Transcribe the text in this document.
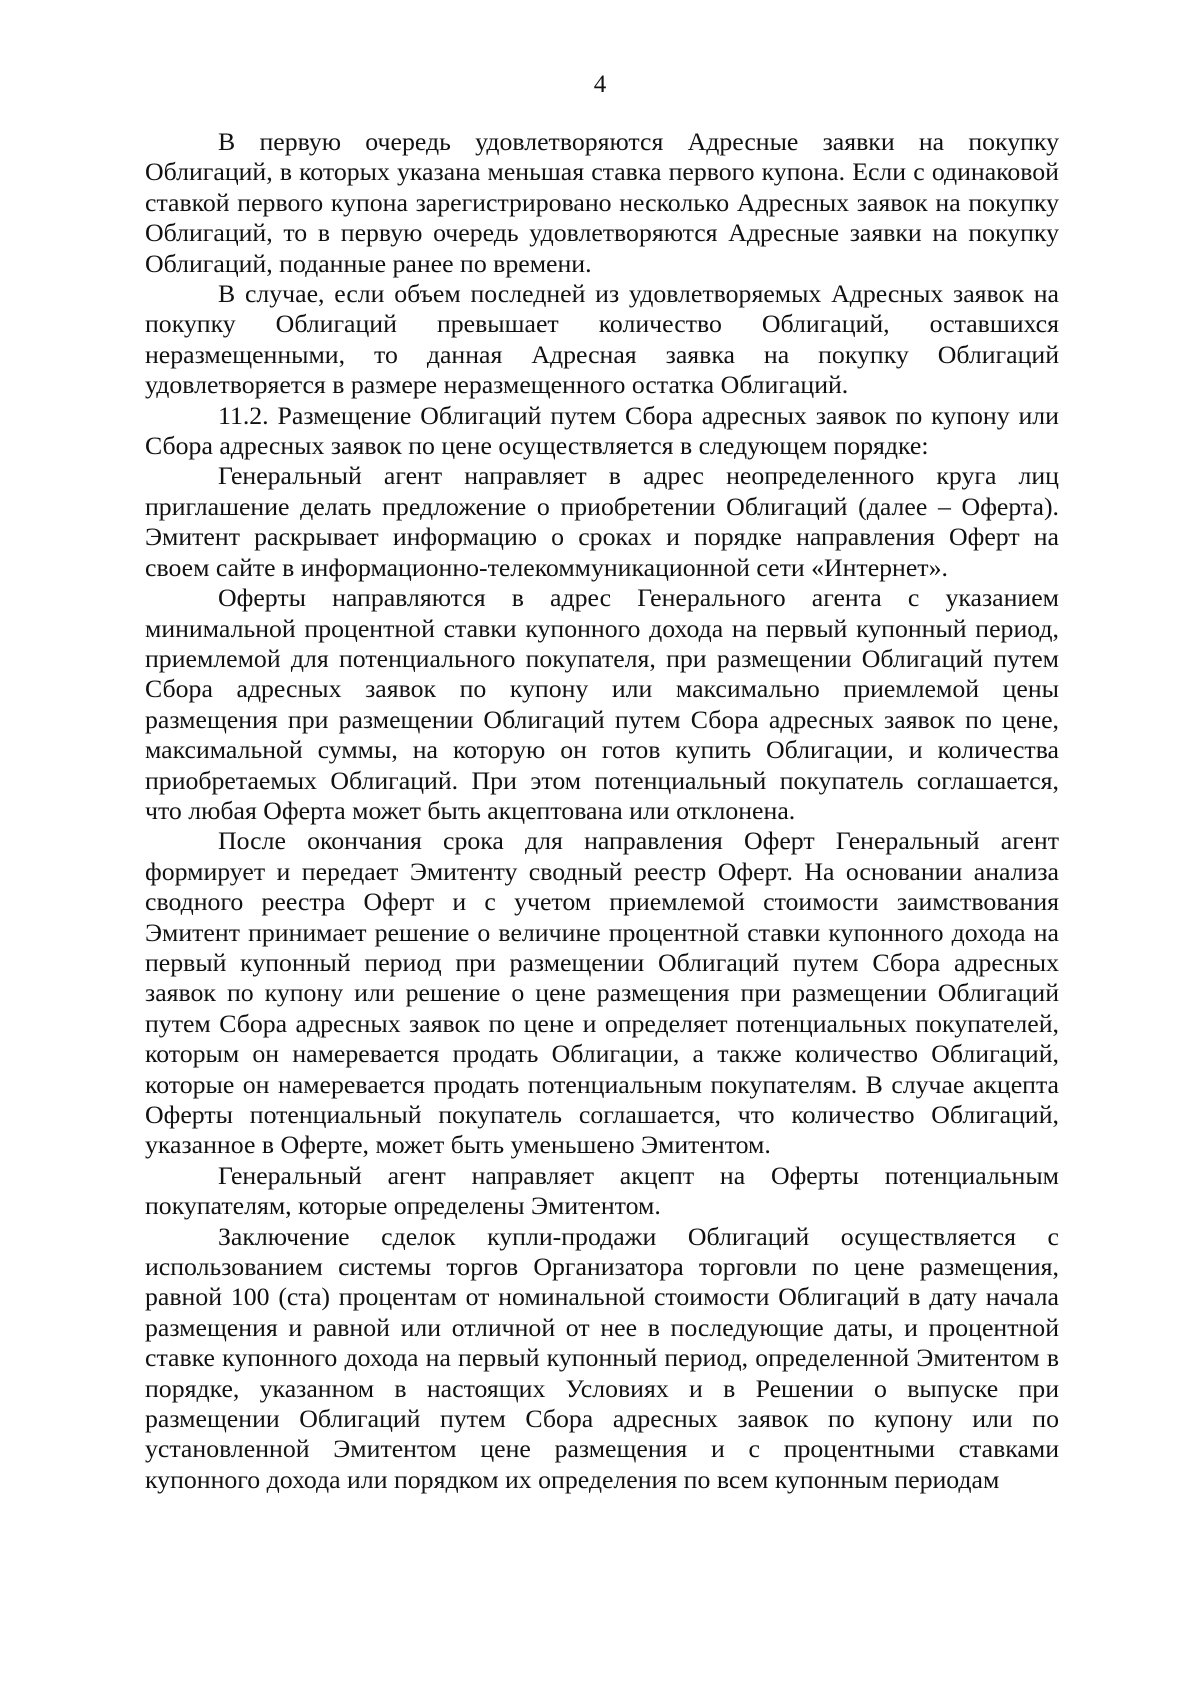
4

В первую очередь удовлетворяются Адресные заявки на покупку Облигаций, в которых указана меньшая ставка первого купона. Если с одинаковой ставкой первого купона зарегистрировано несколько Адресных заявок на покупку Облигаций, то в первую очередь удовлетворяются Адресные заявки на покупку Облигаций, поданные ранее по времени.

В случае, если объем последней из удовлетворяемых Адресных заявок на покупку Облигаций превышает количество Облигаций, оставшихся неразмещенными, то данная Адресная заявка на покупку Облигаций удовлетворяется в размере неразмещенного остатка Облигаций.

11.2. Размещение Облигаций путем Сбора адресных заявок по купону или Сбора адресных заявок по цене осуществляется в следующем порядке:

Генеральный агент направляет в адрес неопределенного круга лиц приглашение делать предложение о приобретении Облигаций (далее – Оферта). Эмитент раскрывает информацию о сроках и порядке направления Оферт на своем сайте в информационно-телекоммуникационной сети «Интернет».

Оферты направляются в адрес Генерального агента с указанием минимальной процентной ставки купонного дохода на первый купонный период, приемлемой для потенциального покупателя, при размещении Облигаций путем Сбора адресных заявок по купону или максимально приемлемой цены размещения при размещении Облигаций путем Сбора адресных заявок по цене, максимальной суммы, на которую он готов купить Облигации, и количества приобретаемых Облигаций. При этом потенциальный покупатель соглашается, что любая Оферта может быть акцептована или отклонена.

После окончания срока для направления Оферт Генеральный агент формирует и передает Эмитенту сводный реестр Оферт. На основании анализа сводного реестра Оферт и с учетом приемлемой стоимости заимствования Эмитент принимает решение о величине процентной ставки купонного дохода на первый купонный период при размещении Облигаций путем Сбора адресных заявок по купону или решение о цене размещения при размещении Облигаций путем Сбора адресных заявок по цене и определяет потенциальных покупателей, которым он намеревается продать Облигации, а также количество Облигаций, которые он намеревается продать потенциальным покупателям. В случае акцепта Оферты потенциальный покупатель соглашается, что количество Облигаций, указанное в Оферте, может быть уменьшено Эмитентом.

Генеральный агент направляет акцепт на Оферты потенциальным покупателям, которые определены Эмитентом.

Заключение сделок купли-продажи Облигаций осуществляется с использованием системы торгов Организатора торговли по цене размещения, равной 100 (ста) процентам от номинальной стоимости Облигаций в дату начала размещения и равной или отличной от нее в последующие даты, и процентной ставке купонного дохода на первый купонный период, определенной Эмитентом в порядке, указанном в настоящих Условиях и в Решении о выпуске при размещении Облигаций путем Сбора адресных заявок по купону или по установленной Эмитентом цене размещения и с процентными ставками купонного дохода или порядком их определения по всем купонным периодам
